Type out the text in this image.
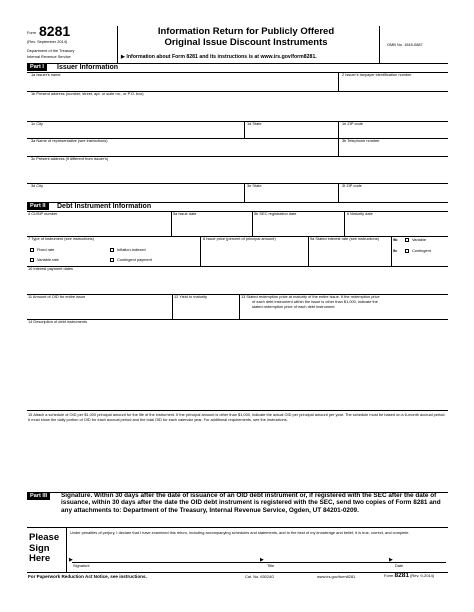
Form 8281
(Rev. September 2014)
Department of the Treasury
Internal Revenue Service
Information Return for Publicly Offered
Original Issue Discount Instruments
▶ Information about Form 8281 and its instructions is at www.irs.gov/form8281.
OMB No. 1545-0887
Part I	Issuer Information
1a Issuer's name	2 Issuer's taxpayer identification number
1b Present address (number, street, apt. or suite no., or P.O. box)
1c City	1d State	1e ZIP code
3a Name of representative (see instructions)	3b Telephone number
3c Present address (if different from issuer's)
3d City	3e State	3f ZIP code
Part II	Debt Instrument Information
4 CUSIP number	5a Issue date	5b SEC registration date	6 Maturity date
7 Type of instrument (see instructions)
Fixed rate	Inflation-indexed
Variable rate	Contingent payment
8 Issue price (percent of principal amount)	9a Stated interest rate (see instructions)	9b	Variable
9c	Contingent
10 Interest payment dates
11 Amount of OID for entire issue	12 Yield to maturity	13 Stated redemption price at maturity of the entire issue. If the redemption price
of each debt instrument within the issue is other than $1,000, indicate the
stated redemption price of each debt instrument.
14 Description of debt instruments
15 Attach a schedule of OID per $1,000 principal amount for the life of the instrument. If the principal amount is other than $1,000, indicate the actual OID per principal amount per year. The schedule must be based on a 6-month accrual period. It must show the daily portion of OID for each accrual period and the total OID for each calendar year. For additional requirements, see the instructions.
Part III	Signature. Within 30 days after the date of issuance of an OID debt instrument or, if registered with the SEC after the date of issuance, within 30 days after the date the OID debt instrument is registered with the SEC, send two copies of Form 8281 and any attachments to: Department of the Treasury, Internal Revenue Service, Ogden, UT 84201-0209.
Please
Sign
Here
Under penalties of perjury, I declare that I have examined this return, including accompanying schedules and statements, and to the best of my knowledge and belief, it is true, correct, and complete.
▶
Signature
▶
Title
▶
Date
For Paperwork Reduction Act Notice, see instructions.	Cat. No. 63024G	www.irs.gov/form8281	Form 8281 (Rev. 9-2014)
